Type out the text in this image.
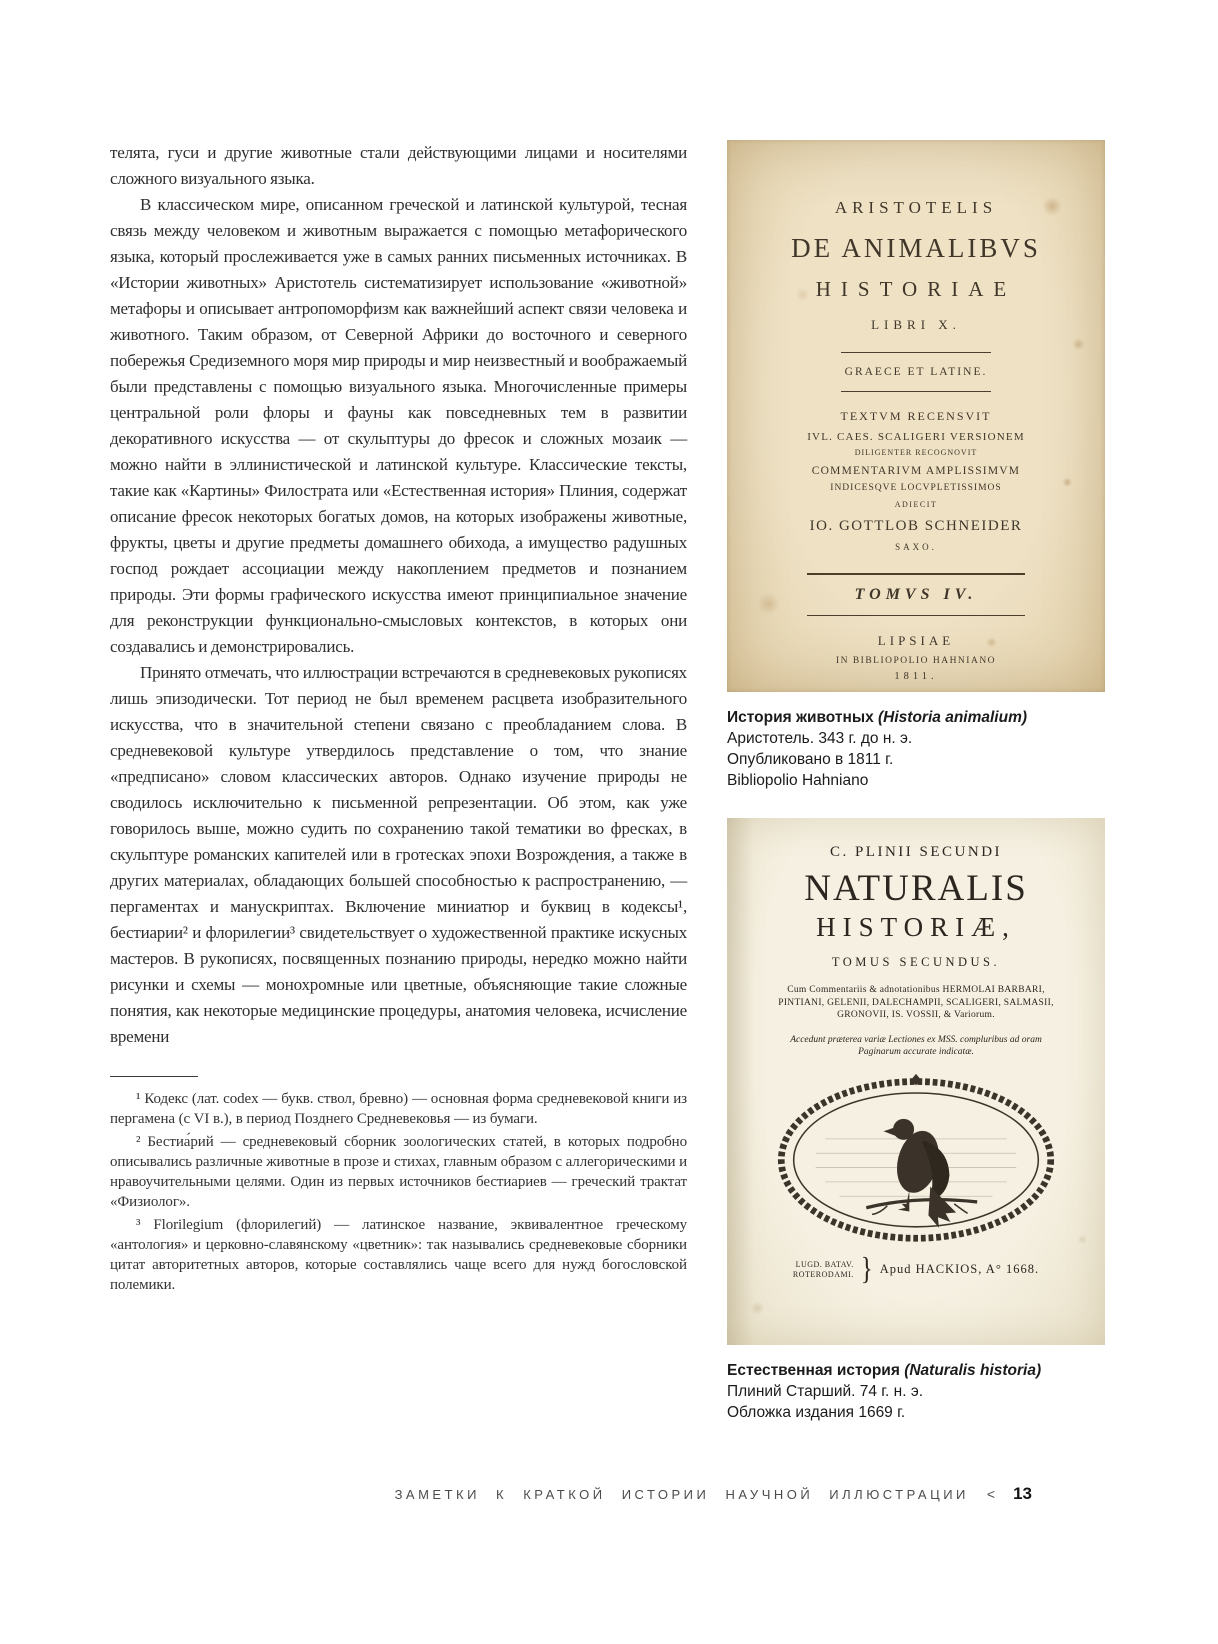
телята, гуси и другие животные стали действующими лицами и носителями сложного визуального языка.

В классическом мире, описанном греческой и латинской культурой, тесная связь между человеком и животным выражается с помощью метафорического языка, который прослеживается уже в самых ранних письменных источниках. В «Истории животных» Аристотель систематизирует использование «животной» метафоры и описывает антропоморфизм как важнейший аспект связи человека и животного. Таким образом, от Северной Африки до восточного и северного побережья Средиземного моря мир природы и мир неизвестный и воображаемый были представлены с помощью визуального языка. Многочисленные примеры центральной роли флоры и фауны как повседневных тем в развитии декоративного искусства — от скульптуры до фресок и сложных мозаик — можно найти в эллинистической и латинской культуре. Классические тексты, такие как «Картины» Филострата или «Естественная история» Плиния, содержат описание фресок некоторых богатых домов, на которых изображены животные, фрукты, цветы и другие предметы домашнего обихода, а имущество радушных господ рождает ассоциации между накоплением предметов и познанием природы. Эти формы графического искусства имеют принципиальное значение для реконструкции функционально-смысловых контекстов, в которых они создавались и демонстрировались.

Принято отмечать, что иллюстрации встречаются в средневековых рукописях лишь эпизодически. Тот период не был временем расцвета изобразительного искусства, что в значительной степени связано с преобладанием слова. В средневековой культуре утвердилось представление о том, что знание «предписано» словом классических авторов. Однако изучение природы не сводилось исключительно к письменной репрезентации. Об этом, как уже говорилось выше, можно судить по сохранению такой тематики во фресках, в скульптуре романских капителей или в гротесках эпохи Возрождения, а также в других материалах, обладающих большей способностью к распространению, — пергаментах и манускриптах. Включение миниатюр и буквиц в кодексы¹, бестиарии² и флорилегии³ свидетельствует о художественной практике искусных мастеров. В рукописях, посвященных познанию природы, нередко можно найти рисунки и схемы — монохромные или цветные, объясняющие такие сложные понятия, как некоторые медицинские процедуры, анатомия человека, исчисление времени

¹ Кодекс (лат. codex — букв. ствол, бревно) — основная форма средневековой книги из пергамена (с VI в.), в период Позднего Средневековья — из бумаги.

² Бестиа́рий — средневековый сборник зоологических статей, в которых подробно описывались различные животные в прозе и стихах, главным образом с аллегорическими и нравоучительными целями. Один из первых источников бестиариев — греческий трактат «Физиолог».

³ Florilegium (флорилегий) — латинское название, эквивалентное греческому «антология» и церковно-славянскому «цветник»: так назывались средневековые сборники цитат авторитетных авторов, которые составлялись чаще всего для нужд богословской полемики.

ARISTOTELIS
DE ANIMALIBVS
HISTORIAE
LIBRI X.
GRAECE ET LATINE.
TEXTVM RECENSVIT
IVL. CAES. SCALIGERI VERSIONEM
DILIGENTER RECOGNOVIT
COMMENTARIVM AMPLISSIMVM
INDICESQVE LOCVPLETISSIMOS
ADIECIT
IO. GOTTLOB SCHNEIDER
SAXO.
TOMVS IV.
LIPSIAE
IN BIBLIOPOLIO HAHNIANO
1811.
История животных (Historia animalium)
Аристотель. 343 г. до н. э.
Опубликовано в 1811 г.
Bibliopolio Hahniano
C. PLINII SECUNDI
NATURALIS
HISTORIÆ,
TOMUS SECUNDUS.
Cum Commentariis & adnotationibus HERMOLAI BARBARI, PINTIANI, GELENII, DALECHAMPII, SCALIGERI, SALMASII, GRONOVII, IS. VOSSII, & Variorum.
Accedunt præterea variæ Lectiones ex MSS. compluribus ad oram Paginarum accurate indicatæ.
LUGD. BATAV.
ROTERODAMI. } Apud HACKIOS, A° 1668.
Естественная история (Naturalis historia)
Плиний Старший. 74 г. н. э.
Обложка издания 1669 г.
ЗАМЕТКИ К КРАТКОЙ ИСТОРИИ НАУЧНОЙ ИЛЛЮСТРАЦИИ < 13
